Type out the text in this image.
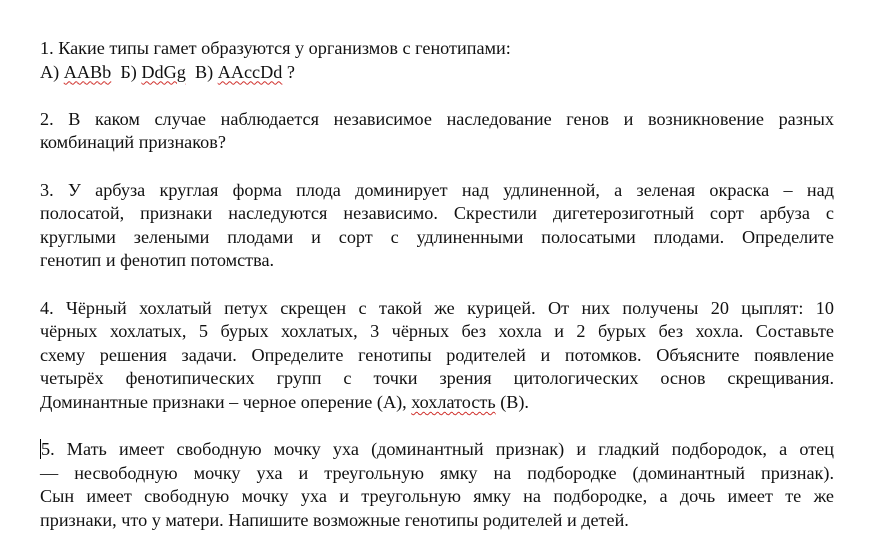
1. Какие типы гамет образуются у организмов с генотипами:
А) AABb  Б) DdGg  В) AAccDd ?

2. В каком случае наблюдается независимое наследование генов и возникновение разных
комбинаций признаков?

3. У арбуза круглая форма плода доминирует над удлиненной, а зеленая окраска – над
полосатой, признаки наследуются независимо. Скрестили дигетерозиготный сорт арбуза с
круглыми зелеными плодами и сорт с удлиненными полосатыми плодами. Определите
генотип и фенотип потомства.

4. Чёрный хохлатый петух скрещен с такой же курицей. От них получены 20 цыплят: 10
чёрных хохлатых, 5 бурых хохлатых, 3 чёрных без хохла и 2 бурых без хохла. Составьте
схему решения задачи. Определите генотипы родителей и потомков. Объясните появление
четырёх фенотипических групп с точки зрения цитологических основ скрещивания.
Доминантные признаки – черное оперение (А), хохлатость (В).

5. Мать имеет свободную мочку уха (доминантный признак) и гладкий подбородок, а отец
— несвободную мочку уха и треугольную ямку на подбородке (доминантный признак).
Сын имеет свободную мочку уха и треугольную ямку на подбородке, а дочь имеет те же
признаки, что у матери. Напишите возможные генотипы родителей и детей.
